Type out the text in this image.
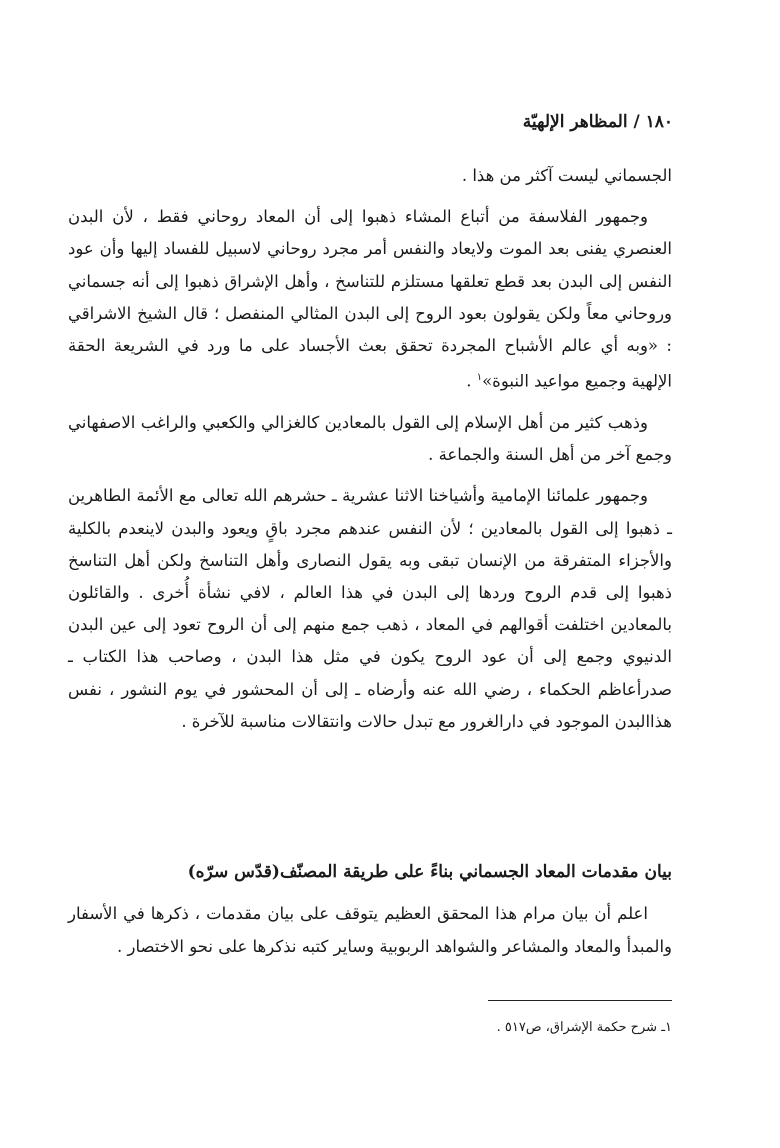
١٨٠ / المظاهر الإلهيّة

الجسماني ليست آكثر من هذا .

وجمهور الفلاسفة من أتباع المشاء ذهبوا إلى أن المعاد روحاني فقط ، لأن البدن العنصري يفنى بعد الموت ولايعاد والنفس أمر مجرد روحاني لاسبيل للفساد إليها وأن عود النفس إلى البدن بعد قطع تعلقها مستلزم للتناسخ ، وأهل الإشراق ذهبوا إلى أنه جسماني وروحاني معاً ولكن يقولون بعود الروح إلى البدن المثالي المنفصل ؛ قال الشيخ الاشراقي : «وبه أي عالم الأشباح المجردة تحقق بعث الأجساد على ما ورد في الشريعة الحقة الإلهية وجميع مواعيد النبوة»$^١$ .

وذهب كثير من أهل الإسلام إلى القول بالمعادين كالغزالي والكعبي والراغب الاصفهاني وجمع آخر من أهل السنة والجماعة .

وجمهور علمائنا الإمامية وأشياخنا الاثنا عشرية ـ حشرهم الله تعالى مع الأئمة الطاهرين ـ ذهبوا إلى القول بالمعادين ؛ لأن النفس عندهم مجرد باقٍ ويعود والبدن لاينعدم بالكلية والأجزاء المتفرقة من الإنسان تبقى وبه يقول النصارى وأهل التناسخ ولكن أهل التناسخ ذهبوا إلى قدم الروح وردها إلى البدن في هذا العالم ، لافي نشأة أُخرى . والقائلون بالمعادين اختلفت أقوالهم في المعاد ، ذهب جمع منهم إلى أن الروح تعود إلى عين البدن الدنيوي وجمع إلى أن عود الروح يكون في مثل هذا البدن ، وصاحب هذا الكتاب ـ صدرأعاظم الحكماء ، رضي الله عنه وأرضاه ـ إلى أن المحشور في يوم النشور ، نفس هذاالبدن الموجود في دارالغرور مع تبدل حالات وانتقالات مناسبة للآخرة .

بيان مقدمات المعاد الجسماني بناءً على طريقة المصنّف(قدّس سرّه)

اعلم أن بيان مرام هذا المحقق العظيم يتوقف على بيان مقدمات ، ذكرها في الأسفار والمبدأ والمعاد والمشاعر والشواهد الربوبية وساير كتبه نذكرها على نحو الاختصار .

١ـ شرح حكمة الإشراق، ص٥١٧ .
